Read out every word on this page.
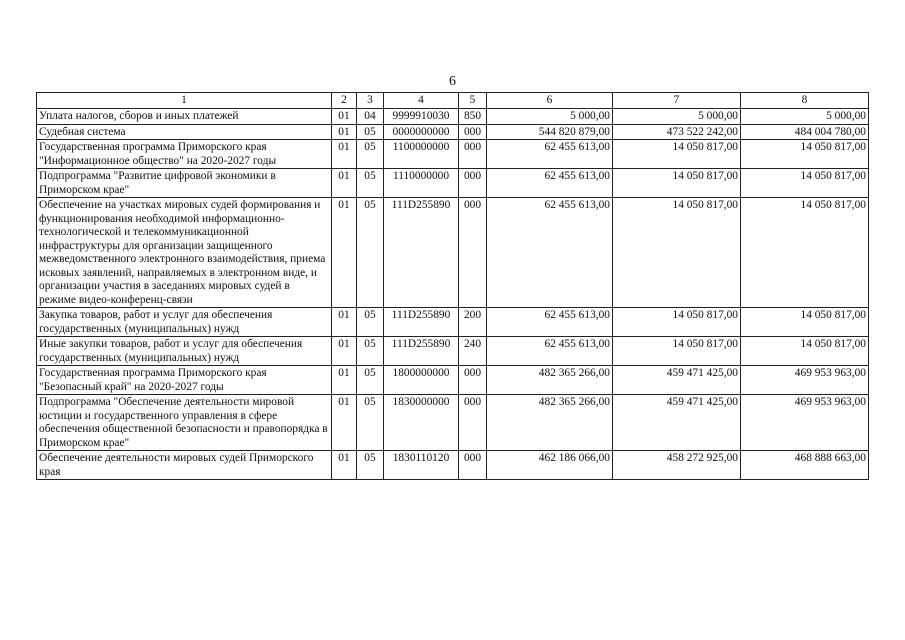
6
1	2	3	4	5	6	7	8
Уплата налогов, сборов и иных платежей	01	04	9999910030	850	5 000,00	5 000,00	5 000,00
Судебная система	01	05	0000000000	000	544 820 879,00	473 522 242,00	484 004 780,00
Государственная программа Приморского края "Информационное общество" на 2020-2027 годы	01	05	1100000000	000	62 455 613,00	14 050 817,00	14 050 817,00
Подпрограмма "Развитие цифровой экономики в Приморском крае"	01	05	1110000000	000	62 455 613,00	14 050 817,00	14 050 817,00
Обеспечение на участках мировых судей формирования и функционирования необходимой информационно-технологической и телекоммуникационной инфраструктуры для организации защищенного межведомственного электронного взаимодействия, приема исковых заявлений, направляемых в электронном виде, и организации участия в заседаниях мировых судей в режиме видео-конференц-связи	01	05	111D255890	000	62 455 613,00	14 050 817,00	14 050 817,00
Закупка товаров, работ и услуг для обеспечения государственных (муниципальных) нужд	01	05	111D255890	200	62 455 613,00	14 050 817,00	14 050 817,00
Иные закупки товаров, работ и услуг для обеспечения государственных (муниципальных) нужд	01	05	111D255890	240	62 455 613,00	14 050 817,00	14 050 817,00
Государственная программа Приморского края "Безопасный край" на 2020-2027 годы	01	05	1800000000	000	482 365 266,00	459 471 425,00	469 953 963,00
Подпрограмма "Обеспечение деятельности мировой юстиции и государственного управления в сфере обеспечения общественной безопасности и правопорядка в Приморском крае"	01	05	1830000000	000	482 365 266,00	459 471 425,00	469 953 963,00
Обеспечение деятельности мировых судей Приморского края	01	05	1830110120	000	462 186 066,00	458 272 925,00	468 888 663,00
